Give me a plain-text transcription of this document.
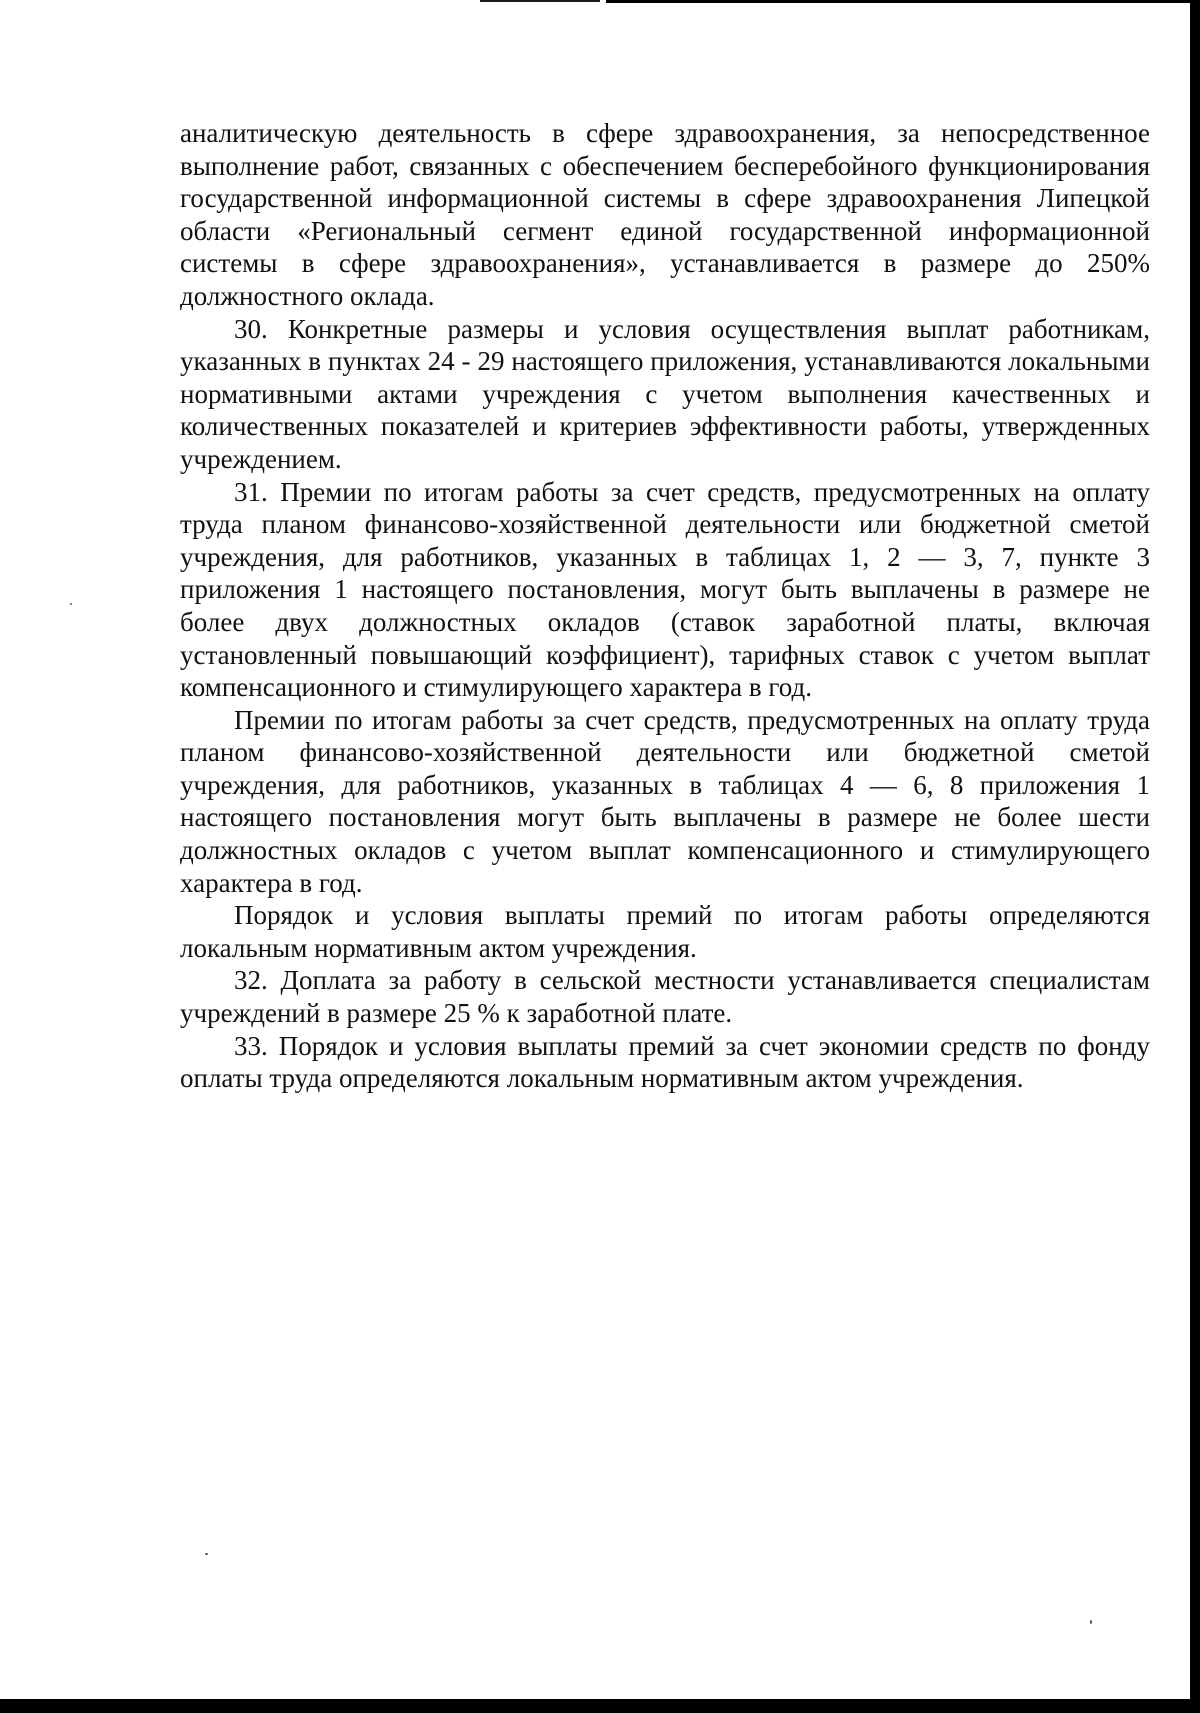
аналитическую деятельность в сфере здравоохранения, за непосредственное выполнение работ, связанных с обеспечением бесперебойного функционирования государственной информационной системы в сфере здравоохранения Липецкой области «Региональный сегмент единой государственной информационной системы в сфере здравоохранения», устанавливается в размере до 250% должностного оклада.

30. Конкретные размеры и условия осуществления выплат работникам, указанных в пунктах 24 - 29 настоящего приложения, устанавливаются локальными нормативными актами учреждения с учетом выполнения качественных и количественных показателей и критериев эффективности работы, утвержденных учреждением.

31. Премии по итогам работы за счет средств, предусмотренных на оплату труда планом финансово-хозяйственной деятельности или бюджетной сметой учреждения, для работников, указанных в таблицах 1, 2 — 3, 7, пункте 3 приложения 1 настоящего постановления, могут быть выплачены в размере не более двух должностных окладов (ставок заработной платы, включая установленный повышающий коэффициент), тарифных ставок с учетом выплат компенсационного и стимулирующего характера в год.

Премии по итогам работы за счет средств, предусмотренных на оплату труда планом финансово-хозяйственной деятельности или бюджетной сметой учреждения, для работников, указанных в таблицах 4 — 6, 8 приложения 1 настоящего постановления могут быть выплачены в размере не более шести должностных окладов с учетом выплат компенсационного и стимулирующего характера в год.

Порядок и условия выплаты премий по итогам работы определяются локальным нормативным актом учреждения.

32. Доплата за работу в сельской местности устанавливается специалистам учреждений в размере 25 % к заработной плате.

33. Порядок и условия выплаты премий за счет экономии средств по фонду оплаты труда определяются локальным нормативным актом учреждения.
